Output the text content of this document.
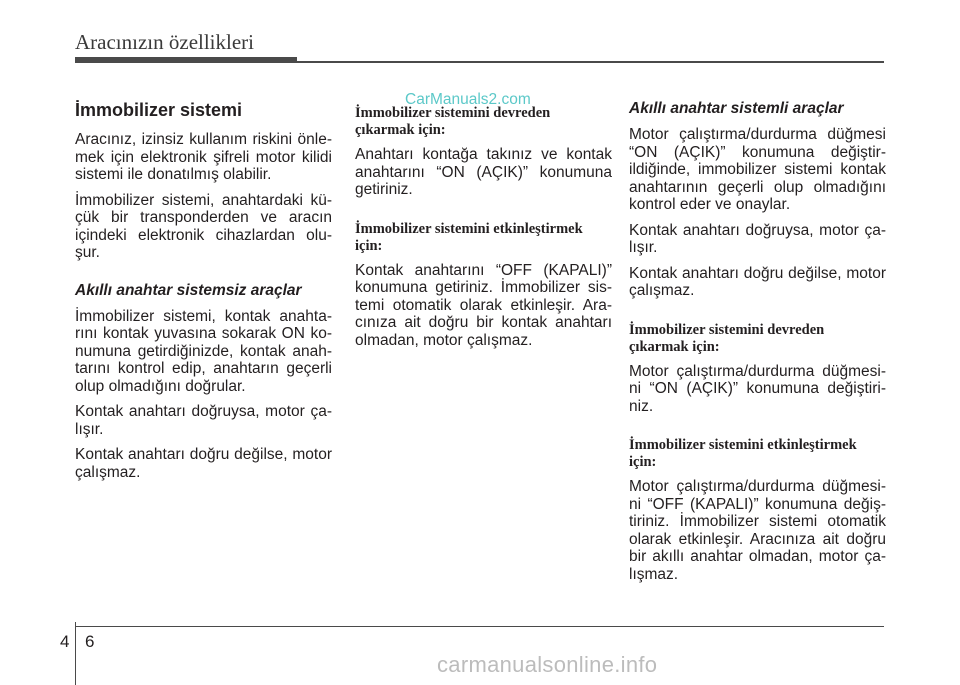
Aracınızın özellikleri
İmmobilizer sistemi

Aracınız, izinsiz kullanım riskini önle-mek için elektronik şifreli motor kilidi sistemi ile donatılmış olabilir.

İmmobilizer sistemi, anahtardaki kü-çük bir transponderden ve aracın içindeki elektronik cihazlardan olu-şur.

Akıllı anahtar sistemsiz araçlar

İmmobilizer sistemi, kontak anahta-rını kontak yuvasına sokarak ON ko-numuna getirdiğinizde, kontak anah-tarını kontrol edip, anahtarın geçerli olup olmadığını doğrular.

Kontak anahtarı doğruysa, motor ça-lışır.

Kontak anahtarı doğru değilse, motor çalışmaz.

İmmobilizer sistemini devreden çıkarmak için:

Anahtarı kontağa takınız ve kontak anahtarını “ON (AÇIK)” konumuna getiriniz.

İmmobilizer sistemini etkinleştirmek için:

Kontak anahtarını “OFF (KAPALI)” konumuna getiriniz. İmmobilizer sis-temi otomatik olarak etkinleşir. Ara-cınıza ait doğru bir kontak anahtarı olmadan, motor çalışmaz.

Akıllı anahtar sistemli araçlar

Motor çalıştırma/durdurma düğmesi “ON (AÇIK)” konumuna değiştir-ildiğinde, immobilizer sistemi kontak anahtarının geçerli olup olmadığını kontrol eder ve onaylar.

Kontak anahtarı doğruysa, motor ça-lışır.

Kontak anahtarı doğru değilse, motor çalışmaz.

İmmobilizer sistemini devreden çıkarmak için:

Motor çalıştırma/durdurma düğmesi-ni “ON (AÇIK)” konumuna değiştiri-niz.

İmmobilizer sistemini etkinleştirmek için:

Motor çalıştırma/durdurma düğmesi-ni “OFF (KAPALI)” konumuna değiş-tiriniz. İmmobilizer sistemi otomatik olarak etkinleşir. Aracınıza ait doğru bir akıllı anahtar olmadan, motor ça-lışmaz.

CarManuals2.com
4 6
carmanualsonline.info
